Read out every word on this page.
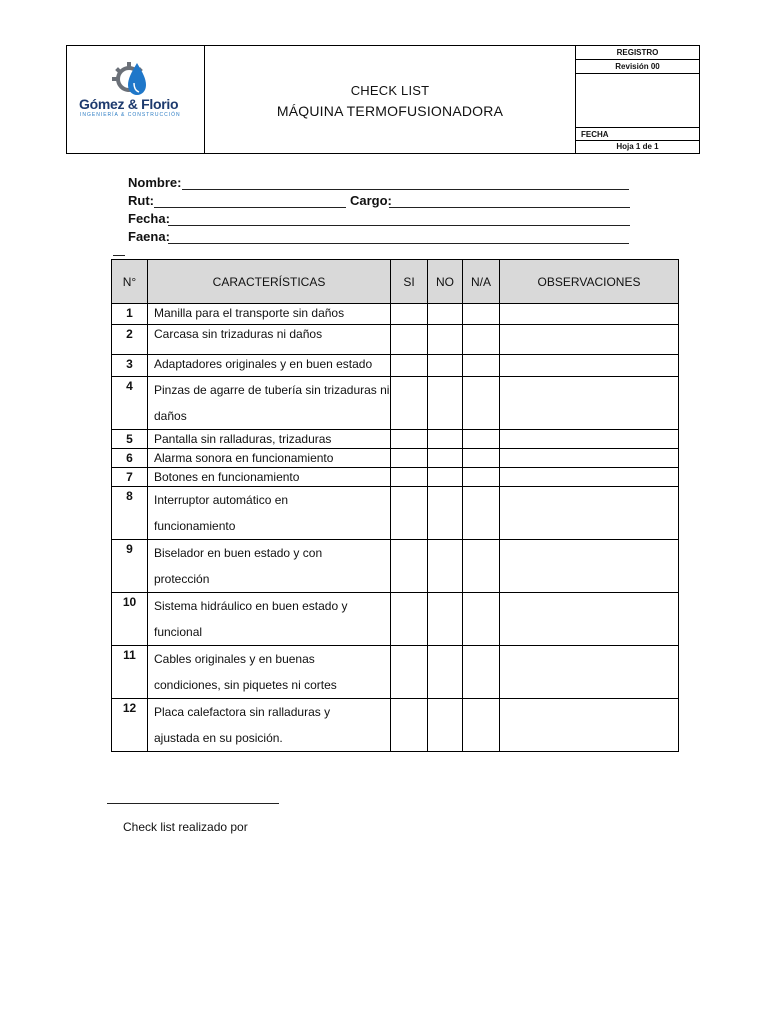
Gómez & Florio
INGENIERÍA & CONSTRUCCIÓN
CHECK LIST
MÁQUINA TERMOFUSIONADORA
REGISTRO
Revisión 00
FECHA
Hoja 1 de 1
Nombre:
Rut:	Cargo:
Fecha:
Faena:
N°	CARACTERÍSTICAS	SI	NO	N/A	OBSERVACIONES
1	Manilla para el transporte sin daños				
2	Carcasa sin trizaduras ni daños				
3	Adaptadores originales y en buen estado				
4	Pinzas de agarre de tubería sin trizaduras ni daños				
5	Pantalla sin ralladuras, trizaduras				
6	Alarma sonora en funcionamiento				
7	Botones en funcionamiento				
8	Interruptor automático en funcionamiento				
9	Biselador en buen estado y con protección				
10	Sistema hidráulico en buen estado y funcional				
11	Cables originales y en buenas condiciones, sin piquetes ni cortes				
12	Placa calefactora sin ralladuras y ajustada en su posición.				
Check list realizado por
